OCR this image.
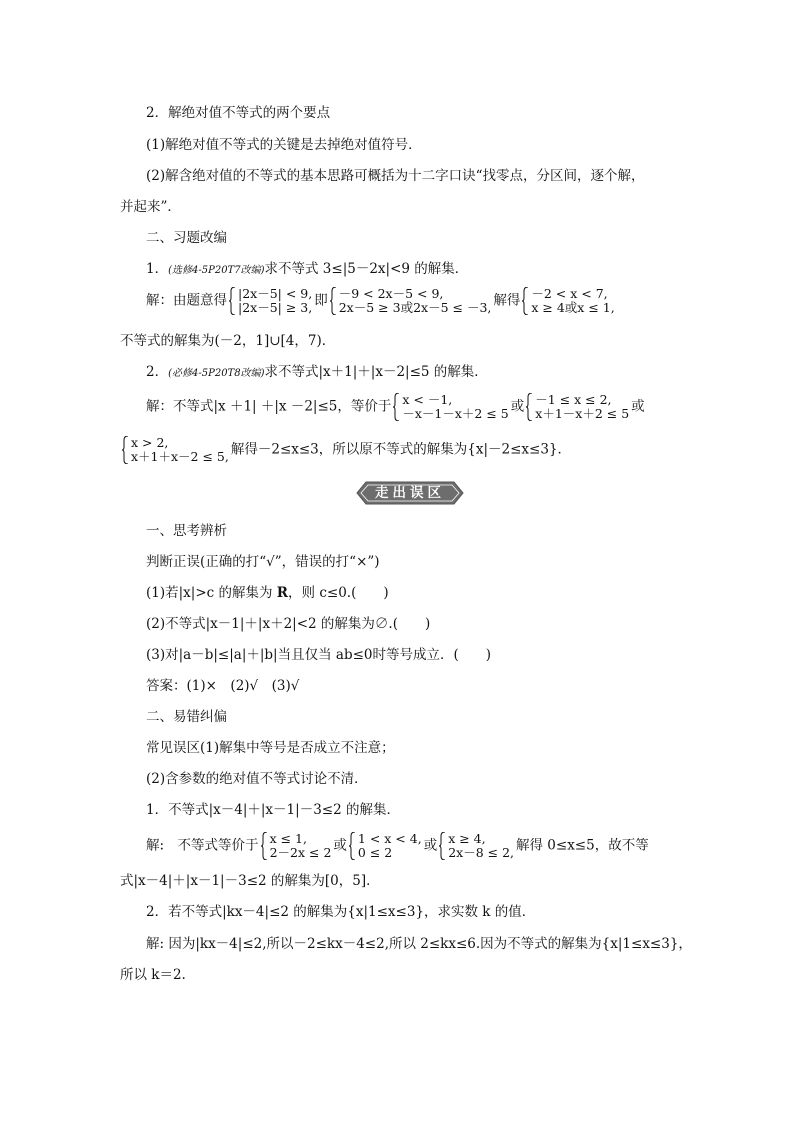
2．解绝对值不等式的两个要点
(1)解绝对值不等式的关键是去掉绝对值符号．
(2)解含绝对值的不等式的基本思路可概括为十二字口诀“找零点，分区间，逐个解，
并起来”．
二、习题改编
1．(选修4-5P20T7改编)求不等式 3≤|5－2x|<9 的解集．
解：由题意得 |2x－5| < 9,
|2x－5| ≥ 3, 即 －9 < 2x－5 < 9,
2x－5 ≥ 3或2x－5 ≤ －3, 解得 －2 < x < 7,
x ≥ 4或x ≤ 1,
不等式的解集为(－2，1]∪[4，7)．
2．(必修4-5P20T8改编)求不等式|x＋1|＋|x－2|≤5 的解集．
解：不等式|x ＋1| ＋|x －2|≤5，等价于 x < －1,
－x－1－x＋2 ≤ 5 或 －1 ≤ x ≤ 2,
x＋1－x＋2 ≤ 5 或
x > 2,
x＋1＋x－2 ≤ 5, 解得－2≤x≤3，所以原不等式的解集为{x|－2≤x≤3}．
走出误区
一、思考辨析
判断正误(正确的打“√”，错误的打“×”)
(1)若|x|>c 的解集为 R，则 c≤0.(　　)
(2)不等式|x－1|＋|x＋2|<2 的解集为∅.(　　)
(3)对|a－b|≤|a|＋|b|当且仅当 ab≤0时等号成立．(　　)
答案：(1)×　(2)√　(3)√
二、易错纠偏
常见误区(1)解集中等号是否成立不注意；
(2)含参数的绝对值不等式讨论不清．
1．不等式|x－4|＋|x－1|－3≤2 的解集．
解:　不等式等价于 x ≤ 1,
2－2x ≤ 2 或 1 < x < 4,
0 ≤ 2	或 x ≥ 4,
2x－8 ≤ 2, 解得 0≤x≤5，故不等
式|x－4|＋|x－1|－3≤2 的解集为[0，5]．
2．若不等式|kx－4|≤2 的解集为{x|1≤x≤3}，求实数 k 的值．
解: 因为|kx－4|≤2,所以－2≤kx－4≤2,所以 2≤kx≤6.因为不等式的解集为{x|1≤x≤3}，
所以 k＝2.
